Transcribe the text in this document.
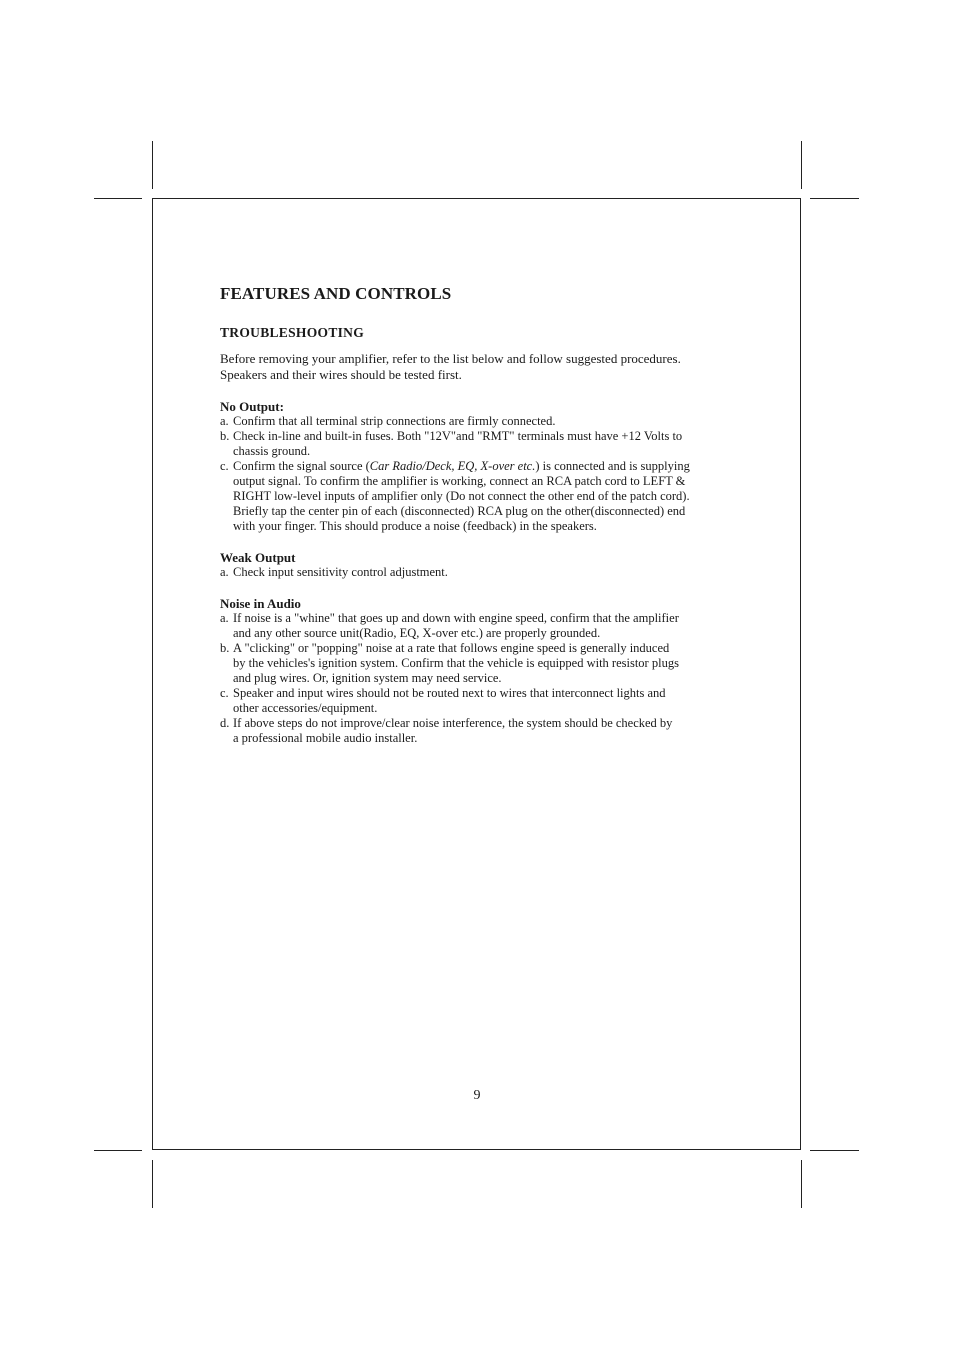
FEATURES AND CONTROLS
TROUBLESHOOTING

Before removing your amplifier, refer to the list below and follow suggested procedures.
Speakers and their wires should be tested first.

No Output:
a. Confirm that all terminal strip connections are firmly connected.
b. Check in-line and built-in fuses. Both "12V"and "RMT" terminals must have +12 Volts to
chassis ground.
c. Confirm the signal source (Car Radio/Deck, EQ, X-over etc.) is connected and is supplying
output signal. To confirm the amplifier is working, connect an RCA patch cord to LEFT &
RIGHT low-level inputs of amplifier only (Do not connect the other end of the patch cord).
Briefly tap the center pin of each (disconnected) RCA plug on the other(disconnected) end
with your finger. This should produce a noise (feedback) in the speakers.
Weak Output
a. Check input sensitivity control adjustment.
Noise in Audio
a. If noise is a "whine" that goes up and down with engine speed, confirm that the amplifier
and any other source unit(Radio, EQ, X-over etc.) are properly grounded.
b. A "clicking" or "popping" noise at a rate that follows engine speed is generally induced
by the vehicles's ignition system. Confirm that the vehicle is equipped with resistor plugs
and plug wires. Or, ignition system may need service.
c. Speaker and input wires should not be routed next to wires that interconnect lights and
other accessories/equipment.
d. If above steps do not improve/clear noise interference, the system should be checked by
a professional mobile audio installer.
9
